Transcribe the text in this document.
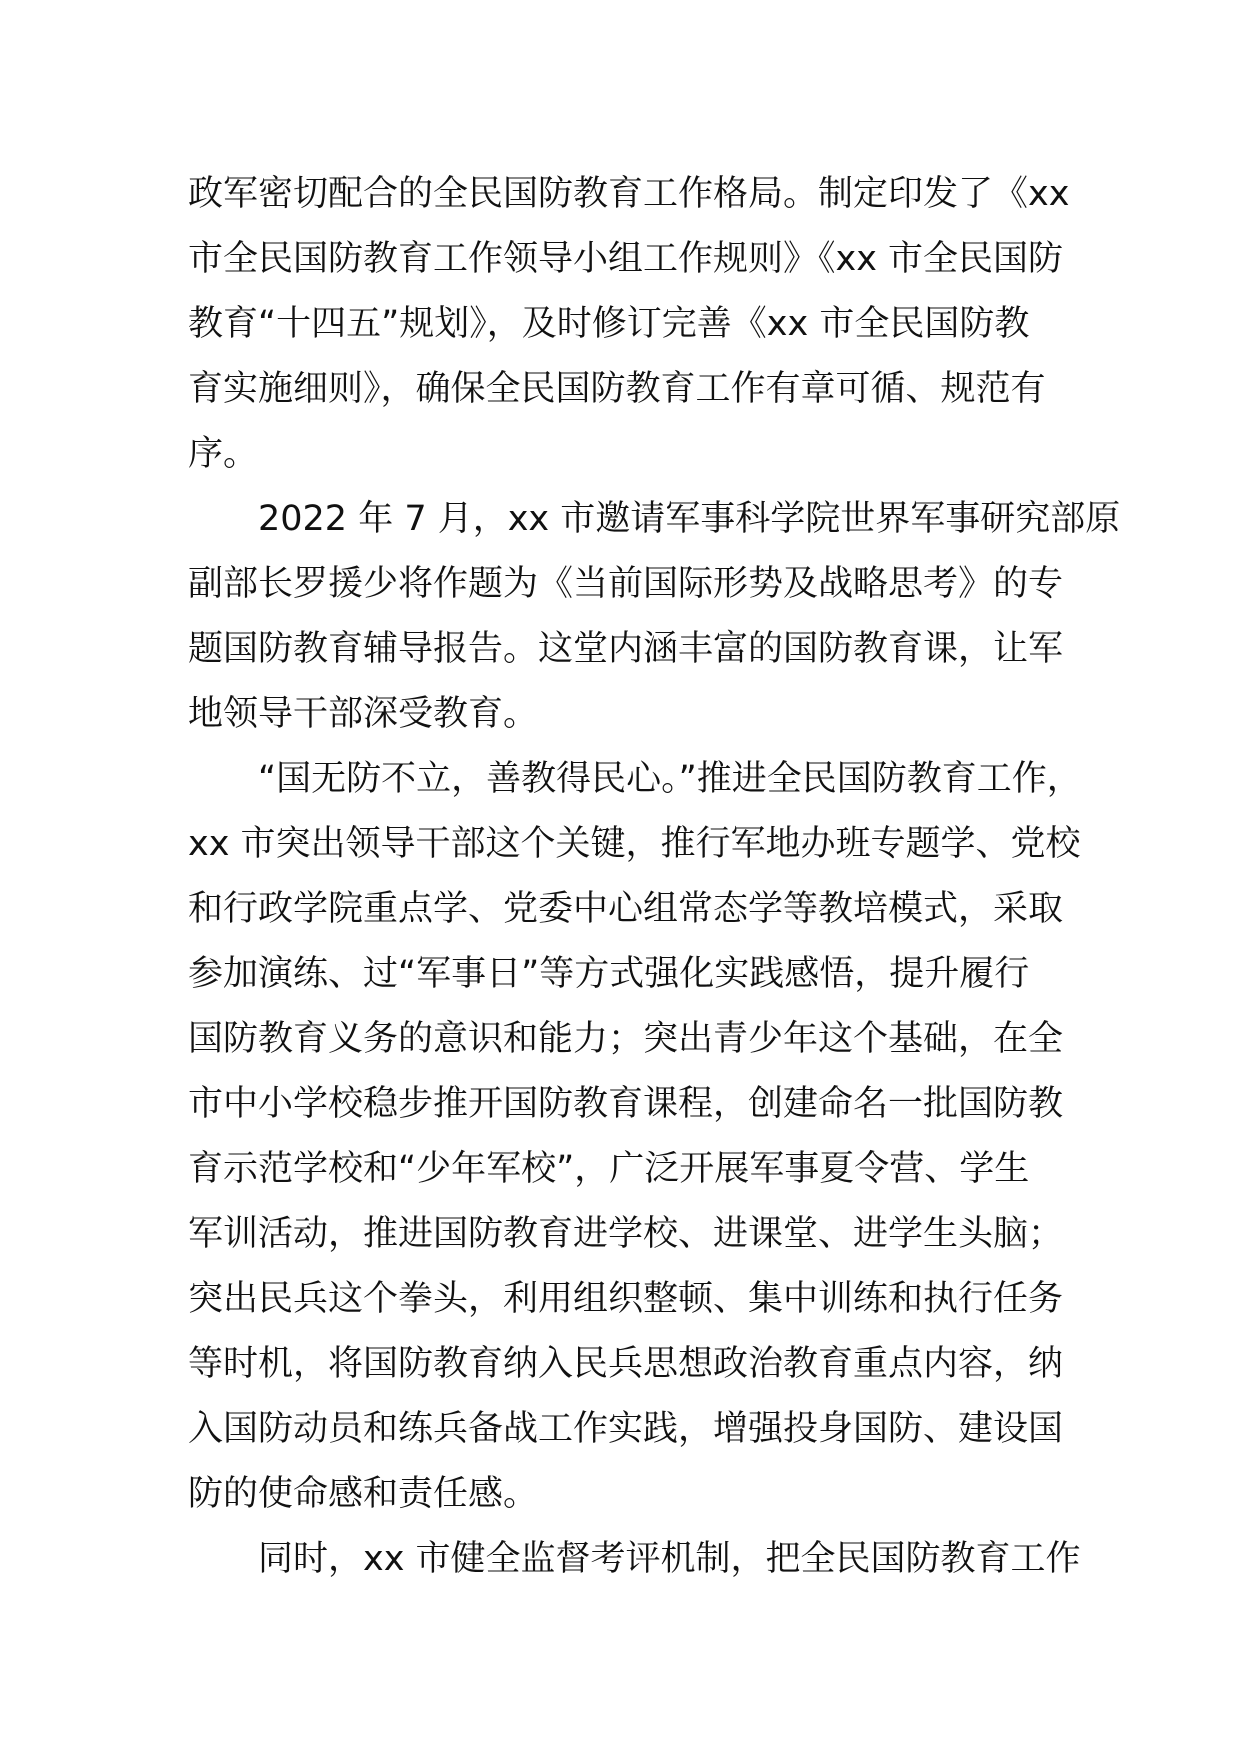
政军密切配合的全民国防教育工作格局。制定印发了《xx
市全民国防教育工作领导小组工作规则》《xx 市全民国防
教育“十四五”规划》，及时修订完善《xx 市全民国防教
育实施细则》，确保全民国防教育工作有章可循、规范有
序。
2022 年 7 月，xx 市邀请军事科学院世界军事研究部原
副部长罗援少将作题为《当前国际形势及战略思考》的专
题国防教育辅导报告。这堂内涵丰富的国防教育课，让军
地领导干部深受教育。
“国无防不立，善教得民心。”推进全民国防教育工作，
xx 市突出领导干部这个关键，推行军地办班专题学、党校
和行政学院重点学、党委中心组常态学等教培模式，采取
参加演练、过“军事日”等方式强化实践感悟，提升履行
国防教育义务的意识和能力；突出青少年这个基础，在全
市中小学校稳步推开国防教育课程，创建命名一批国防教
育示范学校和“少年军校”，广泛开展军事夏令营、学生
军训活动，推进国防教育进学校、进课堂、进学生头脑；
突出民兵这个拳头，利用组织整顿、集中训练和执行任务
等时机，将国防教育纳入民兵思想政治教育重点内容，纳
入国防动员和练兵备战工作实践，增强投身国防、建设国
防的使命感和责任感。
同时，xx 市健全监督考评机制，把全民国防教育工作
